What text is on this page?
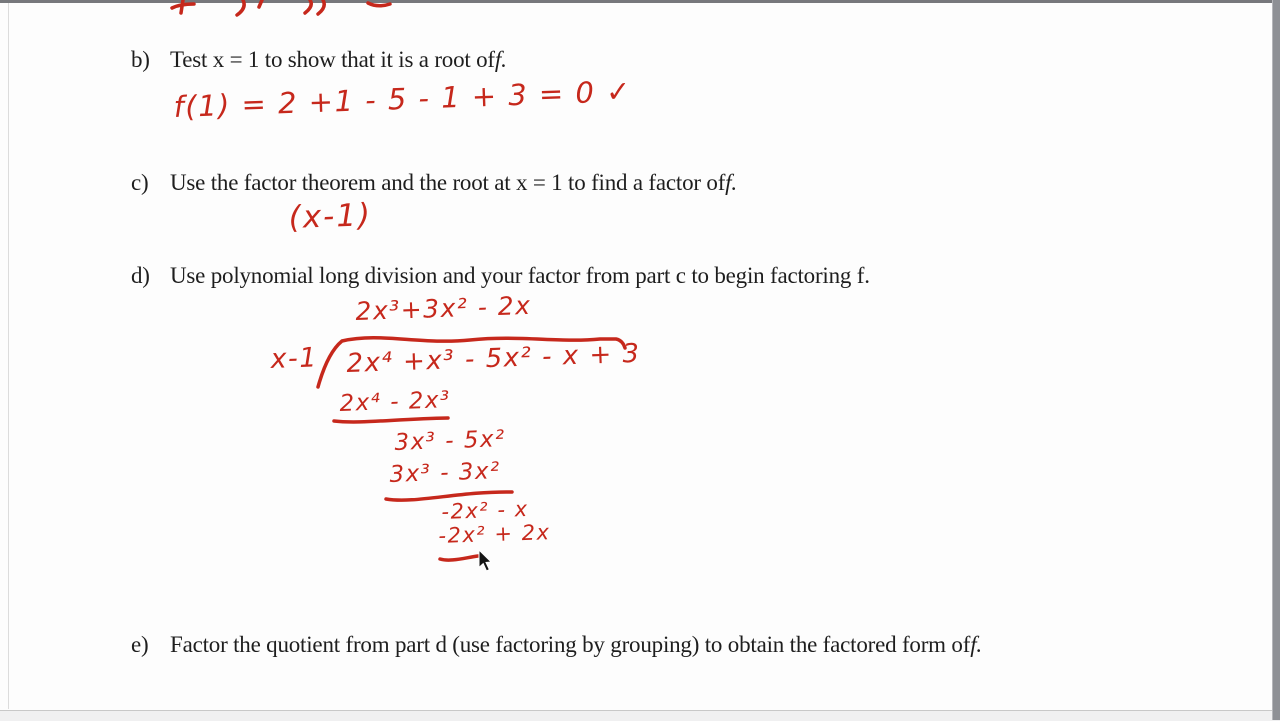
b) Test x = 1 to show that it is a root of f.
c) Use the factor theorem and the root at x = 1 to find a factor of f.
d) Use polynomial long division and your factor from part c to begin factoring f.
e) Factor the quotient from part d (use factoring by grouping) to obtain the factored form of f.
f(1) = 2 +1 - 5 - 1 + 3 = 0 ✓
(x-1)
2x³+3x² - 2x
x-1 2x⁴ +x³ - 5x² - x + 3
2x⁴ - 2x³
3x³ - 5x²
3x³ - 3x²
-2x² - x
-2x² + 2x
